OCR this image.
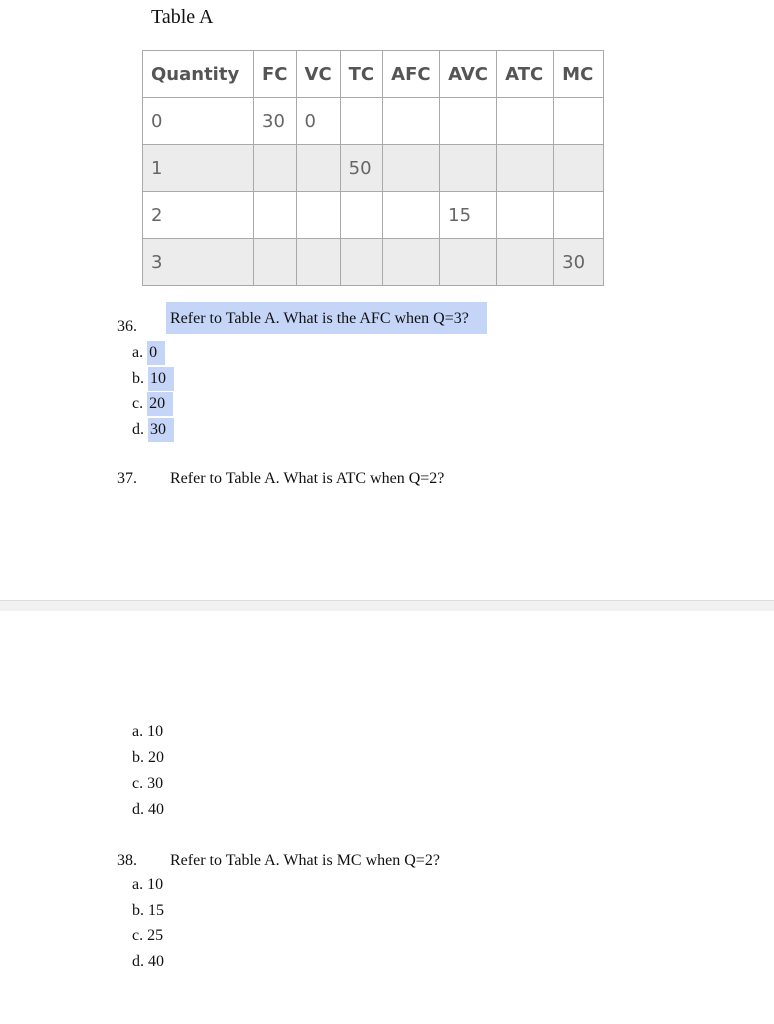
Table A
Quantity	FC	VC	TC	AFC	AVC	ATC	MC
0	30	0					
1			50				
2					15		
3							30
36. Refer to Table A. What is the AFC when Q=3?
a. 0
b. 10
c. 20
d. 30
37. Refer to Table A. What is ATC when Q=2?
a. 10
b. 20
c. 30
d. 40
38. Refer to Table A. What is MC when Q=2?
a. 10
b. 15
c. 25
d. 40
